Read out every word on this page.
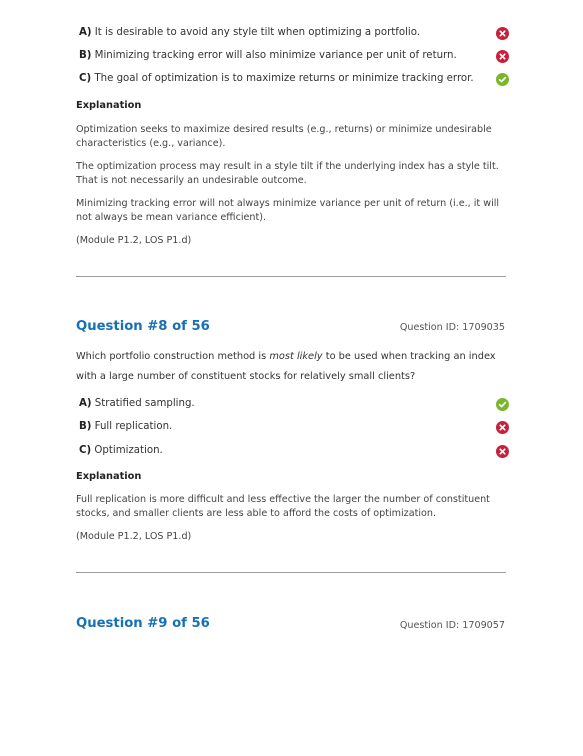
A) It is desirable to avoid any style tilt when optimizing a portfolio.
B) Minimizing tracking error will also minimize variance per unit of return.
C) The goal of optimization is to maximize returns or minimize tracking error.
Explanation

Optimization seeks to maximize desired results (e.g., returns) or minimize undesirable characteristics (e.g., variance).

The optimization process may result in a style tilt if the underlying index has a style tilt. That is not necessarily an undesirable outcome.

Minimizing tracking error will not always minimize variance per unit of return (i.e., it will not always be mean variance efficient).

(Module P1.2, LOS P1.d)

Question #8 of 56	Question ID: 1709035

Which portfolio construction method is most likely to be used when tracking an index with a large number of constituent stocks for relatively small clients?

A) Stratified sampling.
B) Full replication.
C) Optimization.
Explanation

Full replication is more difficult and less effective the larger the number of constituent stocks, and smaller clients are less able to afford the costs of optimization.

(Module P1.2, LOS P1.d)

Question #9 of 56	Question ID: 1709057
